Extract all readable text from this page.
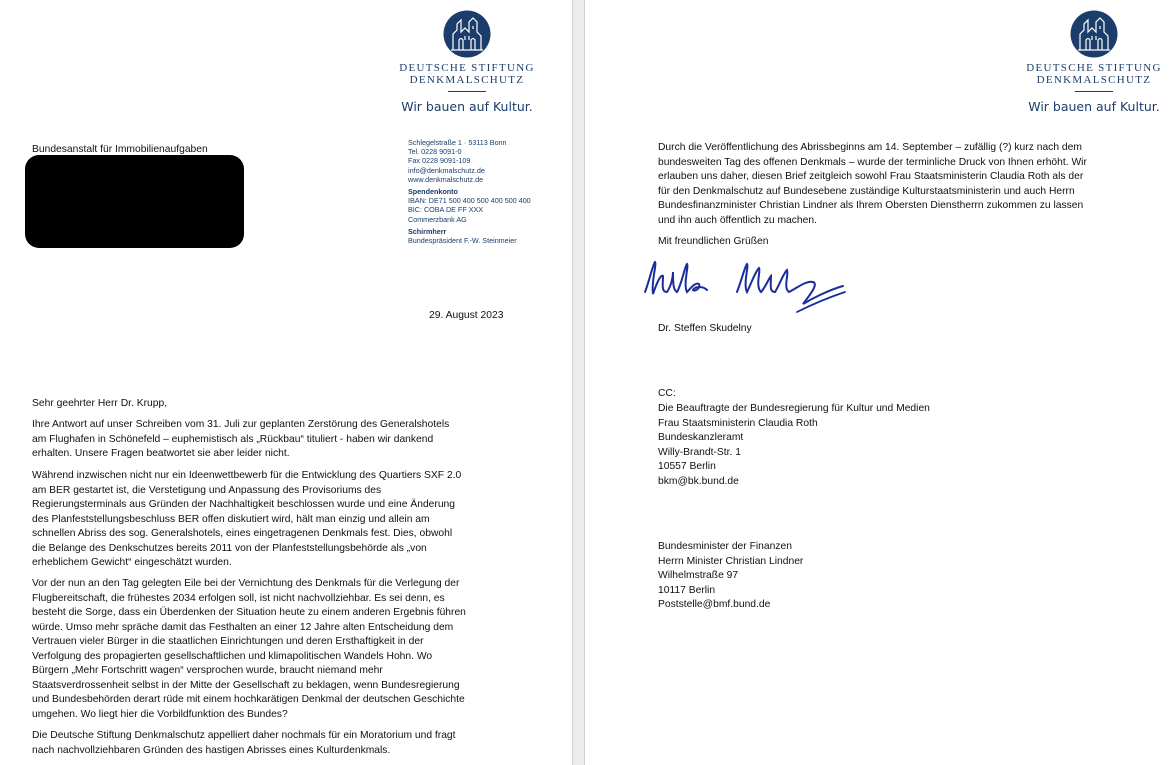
DEUTSCHE STIFTUNG
DENKMALSCHUTZ
Wir bauen auf Kultur.
Bundesanstalt für Immobilienaufgaben
Schlegelstraße 1 · 53113 Bonn
Tel. 0228 9091-0
Fax 0228 9091-109
info@denkmalschutz.de
www.denkmalschutz.de
Spendenkonto
IBAN: DE71 500 400 500 400 500 400
BIC: COBA DE FF XXX
Commerzbank AG
Schirmherr
Bundespräsident F.-W. Steinmeier
29. August 2023
Sehr geehrter Herr Dr. Krupp,
Ihre Antwort auf unser Schreiben vom 31. Juli zur geplanten Zerstörung des Generalshotels
am Flughafen in Schönefeld – euphemistisch als „Rückbau“ tituliert - haben wir dankend
erhalten. Unsere Fragen beatwortet sie aber leider nicht.
Während inzwischen nicht nur ein Ideenwettbewerb für die Entwicklung des Quartiers SXF 2.0
am BER gestartet ist, die Verstetigung und Anpassung des Provisoriums des
Regierungsterminals aus Gründen der Nachhaltigkeit beschlossen wurde und eine Änderung
des Planfeststellungsbeschluss BER offen diskutiert wird, hält man einzig und allein am
schnellen Abriss des sog. Generalshotels, eines eingetragenen Denkmals fest. Dies, obwohl
die Belange des Denkschutzes bereits 2011 von der Planfeststellungsbehörde als „von
erheblichem Gewicht“ eingeschätzt wurden.
Vor der nun an den Tag gelegten Eile bei der Vernichtung des Denkmals für die Verlegung der
Flugbereitschaft, die frühestes 2034 erfolgen soll, ist nicht nachvollziehbar. Es sei denn, es
besteht die Sorge, dass ein Überdenken der Situation heute zu einem anderen Ergebnis führen
würde. Umso mehr spräche damit das Festhalten an einer 12 Jahre alten Entscheidung dem
Vertrauen vieler Bürger in die staatlichen Einrichtungen und deren Ersthaftigkeit in der
Verfolgung des propagierten gesellschaftlichen und klimapolitischen Wandels Hohn. Wo
Bürgern „Mehr Fortschritt wagen“ versprochen wurde, braucht niemand mehr
Staatsverdrossenheit selbst in der Mitte der Gesellschaft zu beklagen, wenn Bundesregierung
und Bundesbehörden derart rüde mit einem hochkarätigen Denkmal der deutschen Geschichte
umgehen. Wo liegt hier die Vorbildfunktion des Bundes?
Die Deutsche Stiftung Denkmalschutz appelliert daher nochmals für ein Moratorium und fragt
nach nachvollziehbaren Gründen des hastigen Abrisses eines Kulturdenkmals.
DEUTSCHE STIFTUNG
DENKMALSCHUTZ
Wir bauen auf Kultur.
Durch die Veröffentlichung des Abrissbeginns am 14. September – zufällig (?) kurz nach dem
bundesweiten Tag des offenen Denkmals – wurde der terminliche Druck von Ihnen erhöht. Wir
erlauben uns daher, diesen Brief zeitgleich sowohl Frau Staatsministerin Claudia Roth als der
für den Denkmalschutz auf Bundesebene zuständige Kulturstaatsministerin und auch Herrn
Bundesfinanzminister Christian Lindner als Ihrem Obersten Dienstherrn zukommen zu lassen
und ihn auch öffentlich zu machen.
Mit freundlichen Grüßen
Dr. Steffen Skudelny
CC:
Die Beauftragte der Bundesregierung für Kultur und Medien
Frau Staatsministerin Claudia Roth
Bundeskanzleramt
Willy-Brandt-Str. 1
10557 Berlin
bkm@bk.bund.de
Bundesminister der Finanzen
Herrn Minister Christian Lindner
Wilhelmstraße 97
10117 Berlin
Poststelle@bmf.bund.de
